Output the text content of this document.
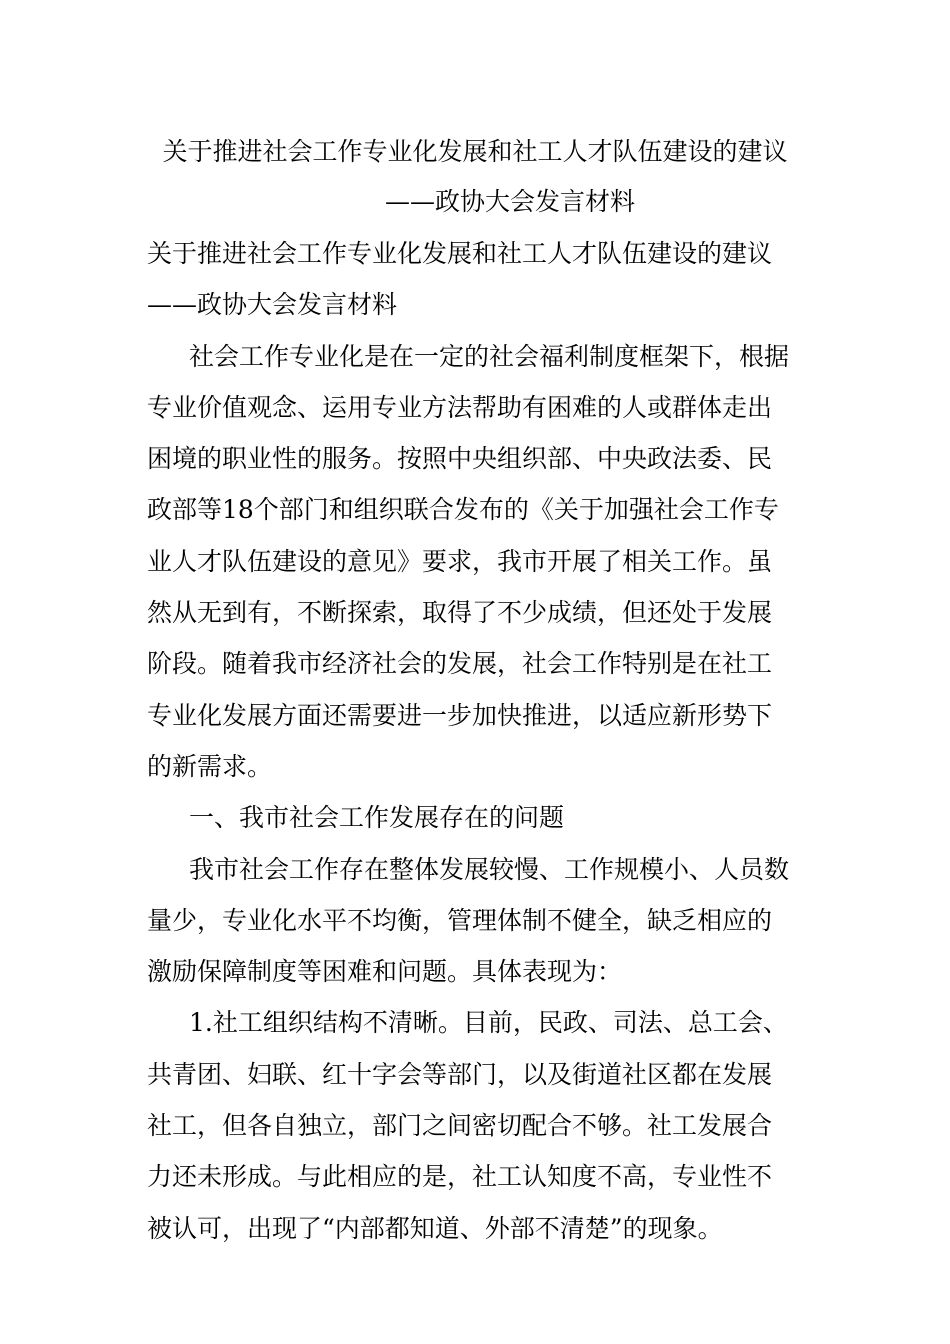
关于推进社会工作专业化发展和社工人才队伍建设的建议
——政协大会发言材料
关于推进社会工作专业化发展和社工人才队伍建设的建议
——政协大会发言材料
社会工作专业化是在一定的社会福利制度框架下，根据
专业价值观念、运用专业方法帮助有困难的人或群体走出
困境的职业性的服务。按照中央组织部、中央政法委、民
政部等18个部门和组织联合发布的《关于加强社会工作专
业人才队伍建设的意见》要求，我市开展了相关工作。虽
然从无到有，不断探索，取得了不少成绩，但还处于发展
阶段。随着我市经济社会的发展，社会工作特别是在社工
专业化发展方面还需要进一步加快推进，以适应新形势下
的新需求。
一、我市社会工作发展存在的问题
我市社会工作存在整体发展较慢、工作规模小、人员数
量少，专业化水平不均衡，管理体制不健全，缺乏相应的
激励保障制度等困难和问题。具体表现为：
1.社工组织结构不清晰。目前，民政、司法、总工会、
共青团、妇联、红十字会等部门，以及街道社区都在发展
社工，但各自独立，部门之间密切配合不够。社工发展合
力还未形成。与此相应的是，社工认知度不高，专业性不
被认可，出现了“内部都知道、外部不清楚”的现象。
